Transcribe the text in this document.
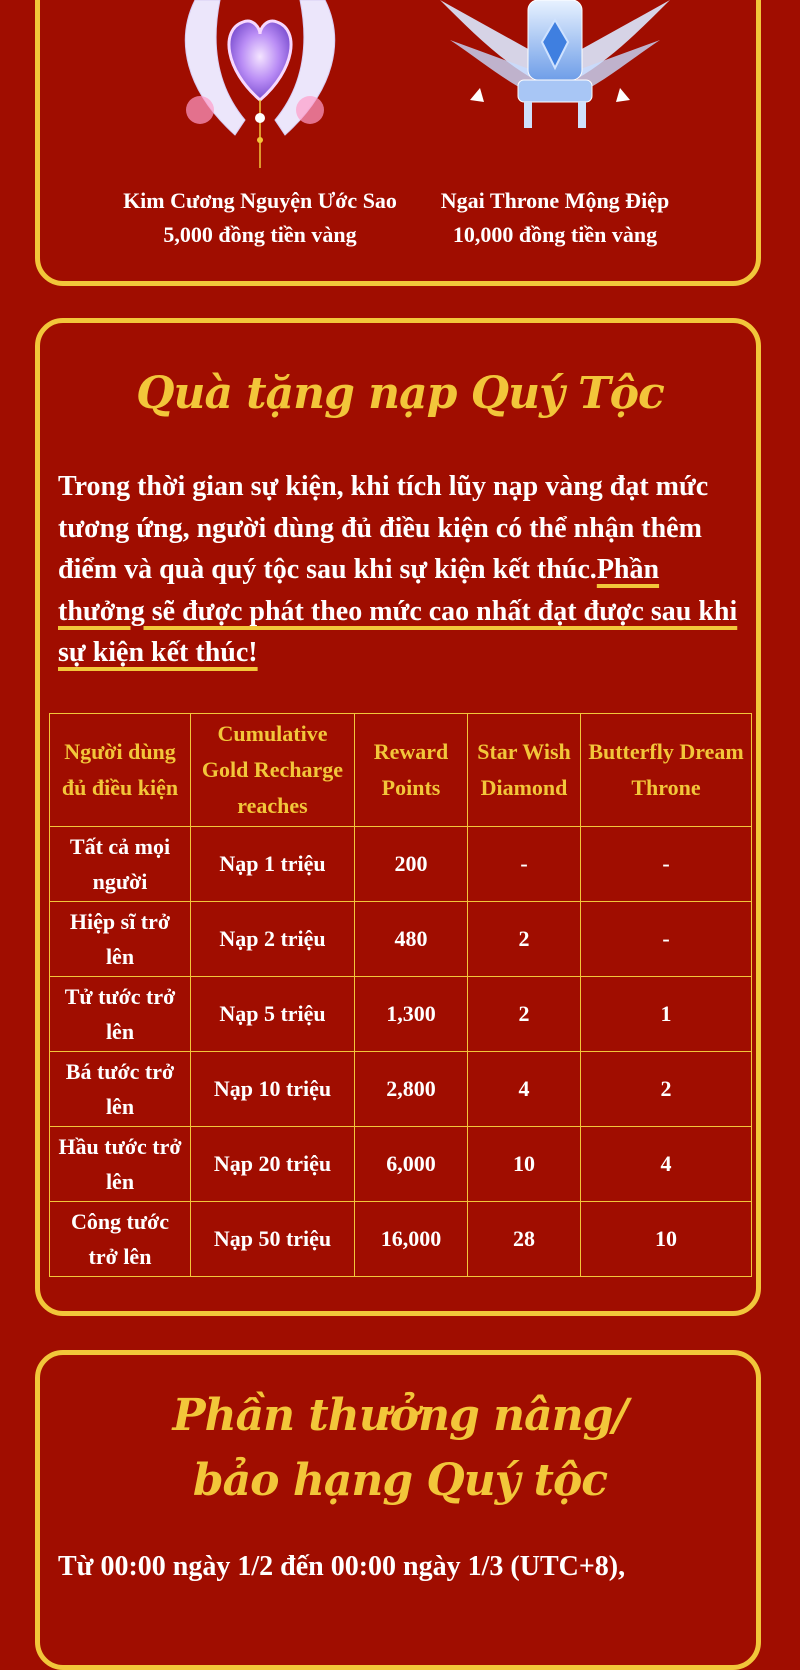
Kim Cương Nguyện Ước Sao
5,000 đồng tiền vàng
Ngai Throne Mộng Điệp
10,000 đồng tiền vàng
Quà tặng nạp Quý Tộc
Trong thời gian sự kiện, khi tích lũy nạp vàng đạt mức tương ứng, người dùng đủ điều kiện có thể nhận thêm điểm và quà quý tộc sau khi sự kiện kết thúc.Phần thưởng sẽ được phát theo mức cao nhất đạt được sau khi sự kiện kết thúc!
Người dùng đủ điều kiện	Cumulative Gold Recharge reaches	Reward Points	Star Wish Diamond	Butterfly Dream Throne
Tất cả mọi người	Nạp 1 triệu	200	-	-
Hiệp sĩ trở lên	Nạp 2 triệu	480	2	-
Tử tước trở lên	Nạp 5 triệu	1,300	2	1
Bá tước trở lên	Nạp 10 triệu	2,800	4	2
Hầu tước trở lên	Nạp 20 triệu	6,000	10	4
Công tước trở lên	Nạp 50 triệu	16,000	28	10
Phần thưởng nâng/
bảo hạng Quý tộc
Từ 00:00 ngày 1/2 đến 00:00 ngày 1/3 (UTC+8),
